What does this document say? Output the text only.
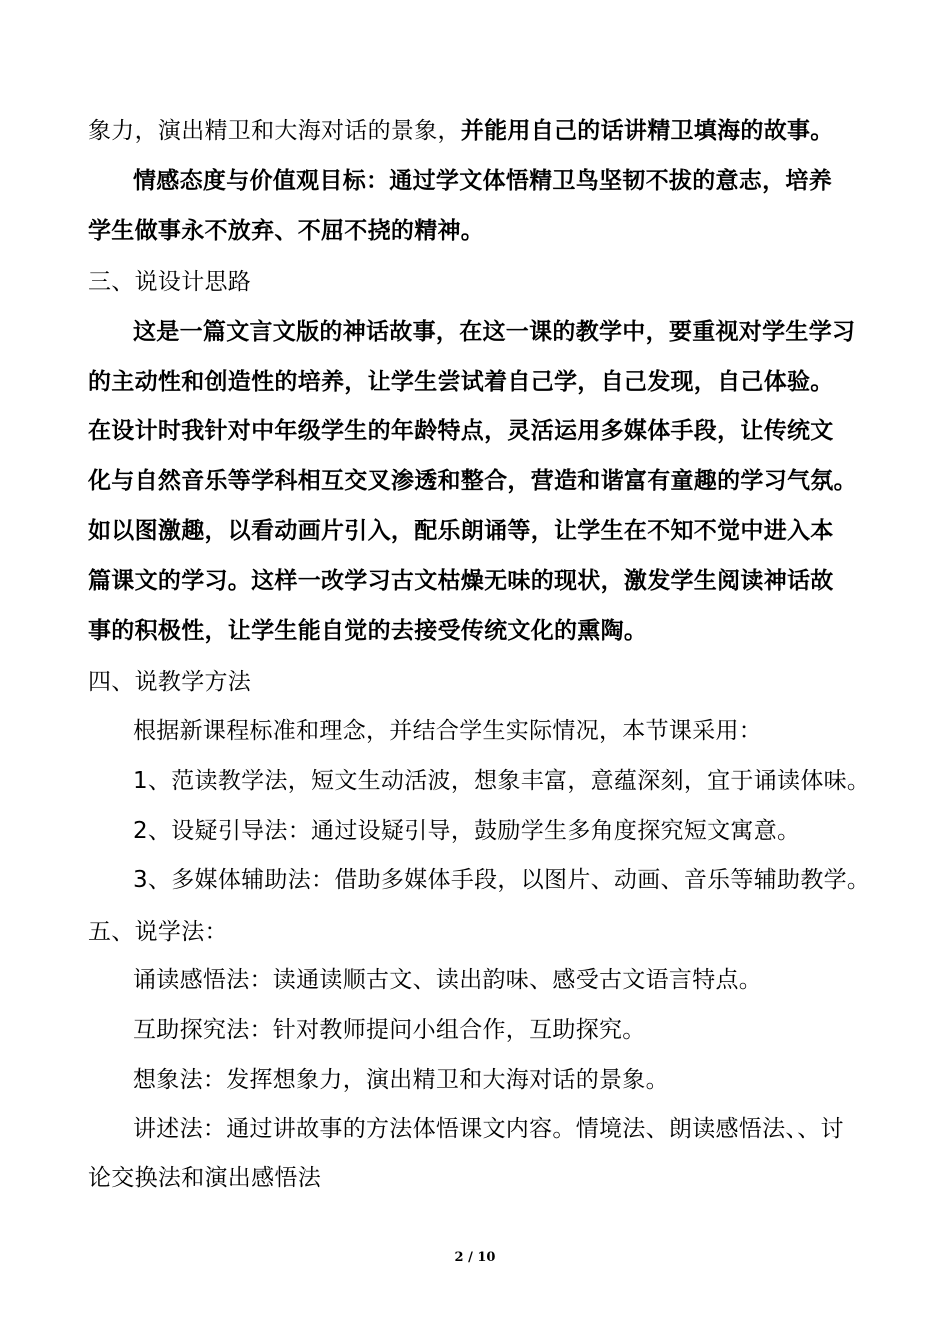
象力，演出精卫和大海对话的景象，并能用自己的话讲精卫填海的故事。
情感态度与价值观目标：通过学文体悟精卫鸟坚韧不拔的意志，培养
学生做事永不放弃、不屈不挠的精神。
三、说设计思路
这是一篇文言文版的神话故事，在这一课的教学中，要重视对学生学习
的主动性和创造性的培养，让学生尝试着自己学，自己发现，自己体验。
在设计时我针对中年级学生的年龄特点，灵活运用多媒体手段，让传统文
化与自然音乐等学科相互交叉渗透和整合，营造和谐富有童趣的学习气氛。
如以图激趣，以看动画片引入，配乐朗诵等，让学生在不知不觉中进入本
篇课文的学习。这样一改学习古文枯燥无味的现状，激发学生阅读神话故
事的积极性，让学生能自觉的去接受传统文化的熏陶。
四、说教学方法
根据新课程标准和理念，并结合学生实际情况，本节课采用：
1、范读教学法，短文生动活波，想象丰富，意蕴深刻，宜于诵读体味。
2、设疑引导法：通过设疑引导，鼓励学生多角度探究短文寓意。
3、多媒体辅助法：借助多媒体手段，以图片、动画、音乐等辅助教学。
五、说学法：
诵读感悟法：读通读顺古文、读出韵味、感受古文语言特点。
互助探究法：针对教师提问小组合作，互助探究。
想象法：发挥想象力，演出精卫和大海对话的景象。
讲述法：通过讲故事的方法体悟课文内容。情境法、朗读感悟法、、讨
论交换法和演出感悟法
2 / 10
